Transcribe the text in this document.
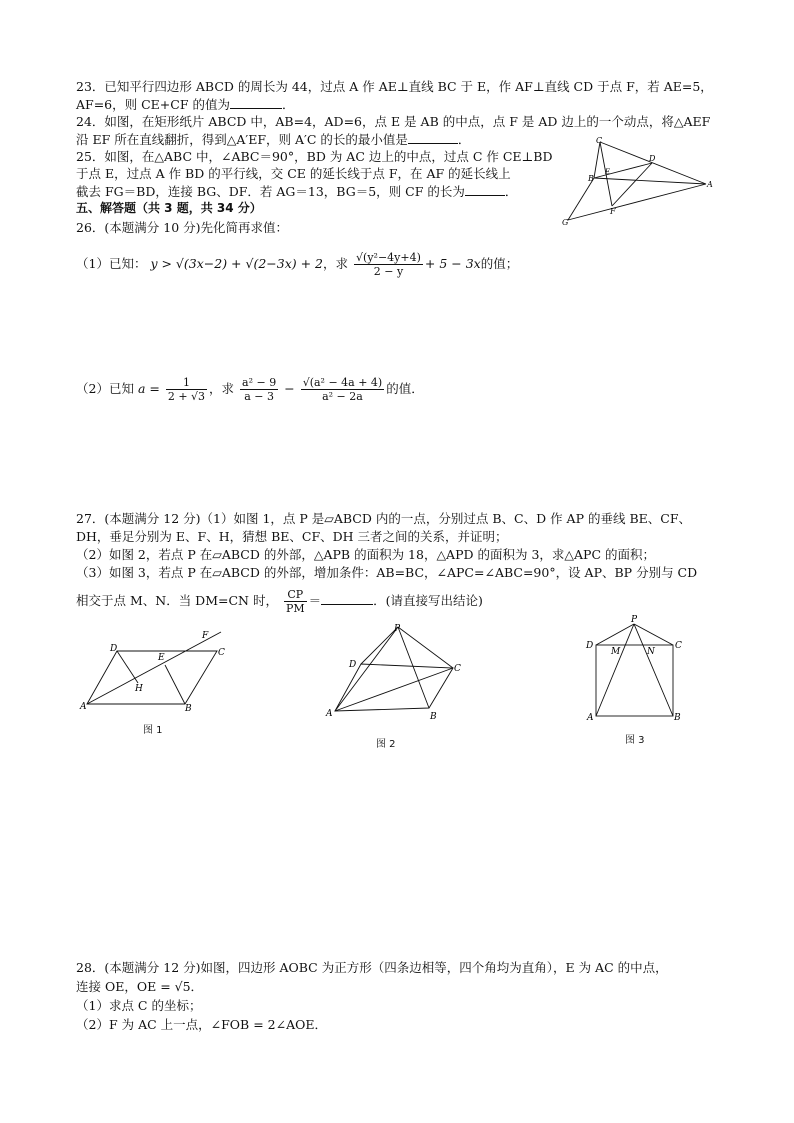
23．已知平行四边形 ABCD 的周长为 44，过点 A 作 AE⊥直线 BC 于 E，作 AF⊥直线 CD 于点 F，若 AE=5，
AF=6，则 CE+CF 的值为	．
24．如图，在矩形纸片 ABCD 中，AB=4，AD=6，点 E 是 AB 的中点，点 F 是 AD 边上的一个动点，将△AEF
沿 EF 所在直线翻折，得到△A′EF，则 A′C 的长的最小值是	．
25．如图，在△ABC 中，∠ABC＝90°，BD 为 AC 边上的中点，过点 C 作 CE⊥BD
于点 E，过点 A 作 BD 的平行线，交 CE 的延长线于点 F，在 AF 的延长线上
截去 FG＝BD，连接 BG、DF．若 AG＝13，BG＝5，则 CF 的长为	．
C
D
E
B
A
F
G
五、解答题（共 3 题，共 34 分）
26．(本题满分 10 分)先化简再求值：
（1）已知： y > √(3x−2) + √(2−3x) + 2，求 $\frac{\text{√(y²−4y+4)}}{2 - y} + 5 - 3x$的值；
（2）已知 $a = \frac{1}{2 + √3}$ ，求 $\frac{\text{a² − 9}}{a - 3} - \frac{\text{√(a² − 4a + 4)}}{\text{a² − 2a}}$ 的值．
27．(本题满分 12 分)（1）如图 1，点 P 是▱ABCD 内的一点，分别过点 B、C、D 作 AP 的垂线 BE、CF、
DH，垂足分别为 E、F、H，猜想 BE、CF、DH 三者之间的关系，并证明；
（2）如图 2，若点 P 在▱ABCD 的外部，△APB 的面积为 18，△APD 的面积为 3，求△APC 的面积；
（3）如图 3，若点 P 在▱ABCD 的外部，增加条件：AB=BC，∠APC=∠ABC=90°，设 AP、BP 分别与 CD
相交于点 M、N．当 DM=CN 时， $\frac{CP}{PM}$ ＝	．(请直接写出结论)
A
D
E
H
B
C
F
图 1
P
D	C
A	B
图 2
P
D	C
M	N
A	B
图 3
28．(本题满分 12 分)如图，四边形 AOBC 为正方形（四条边相等，四个角均为直角），E 为 AC 的中点，
连接 OE，OE = √5．
（1）求点 C 的坐标；
（2）F 为 AC 上一点，∠FOB = 2∠AOE．
